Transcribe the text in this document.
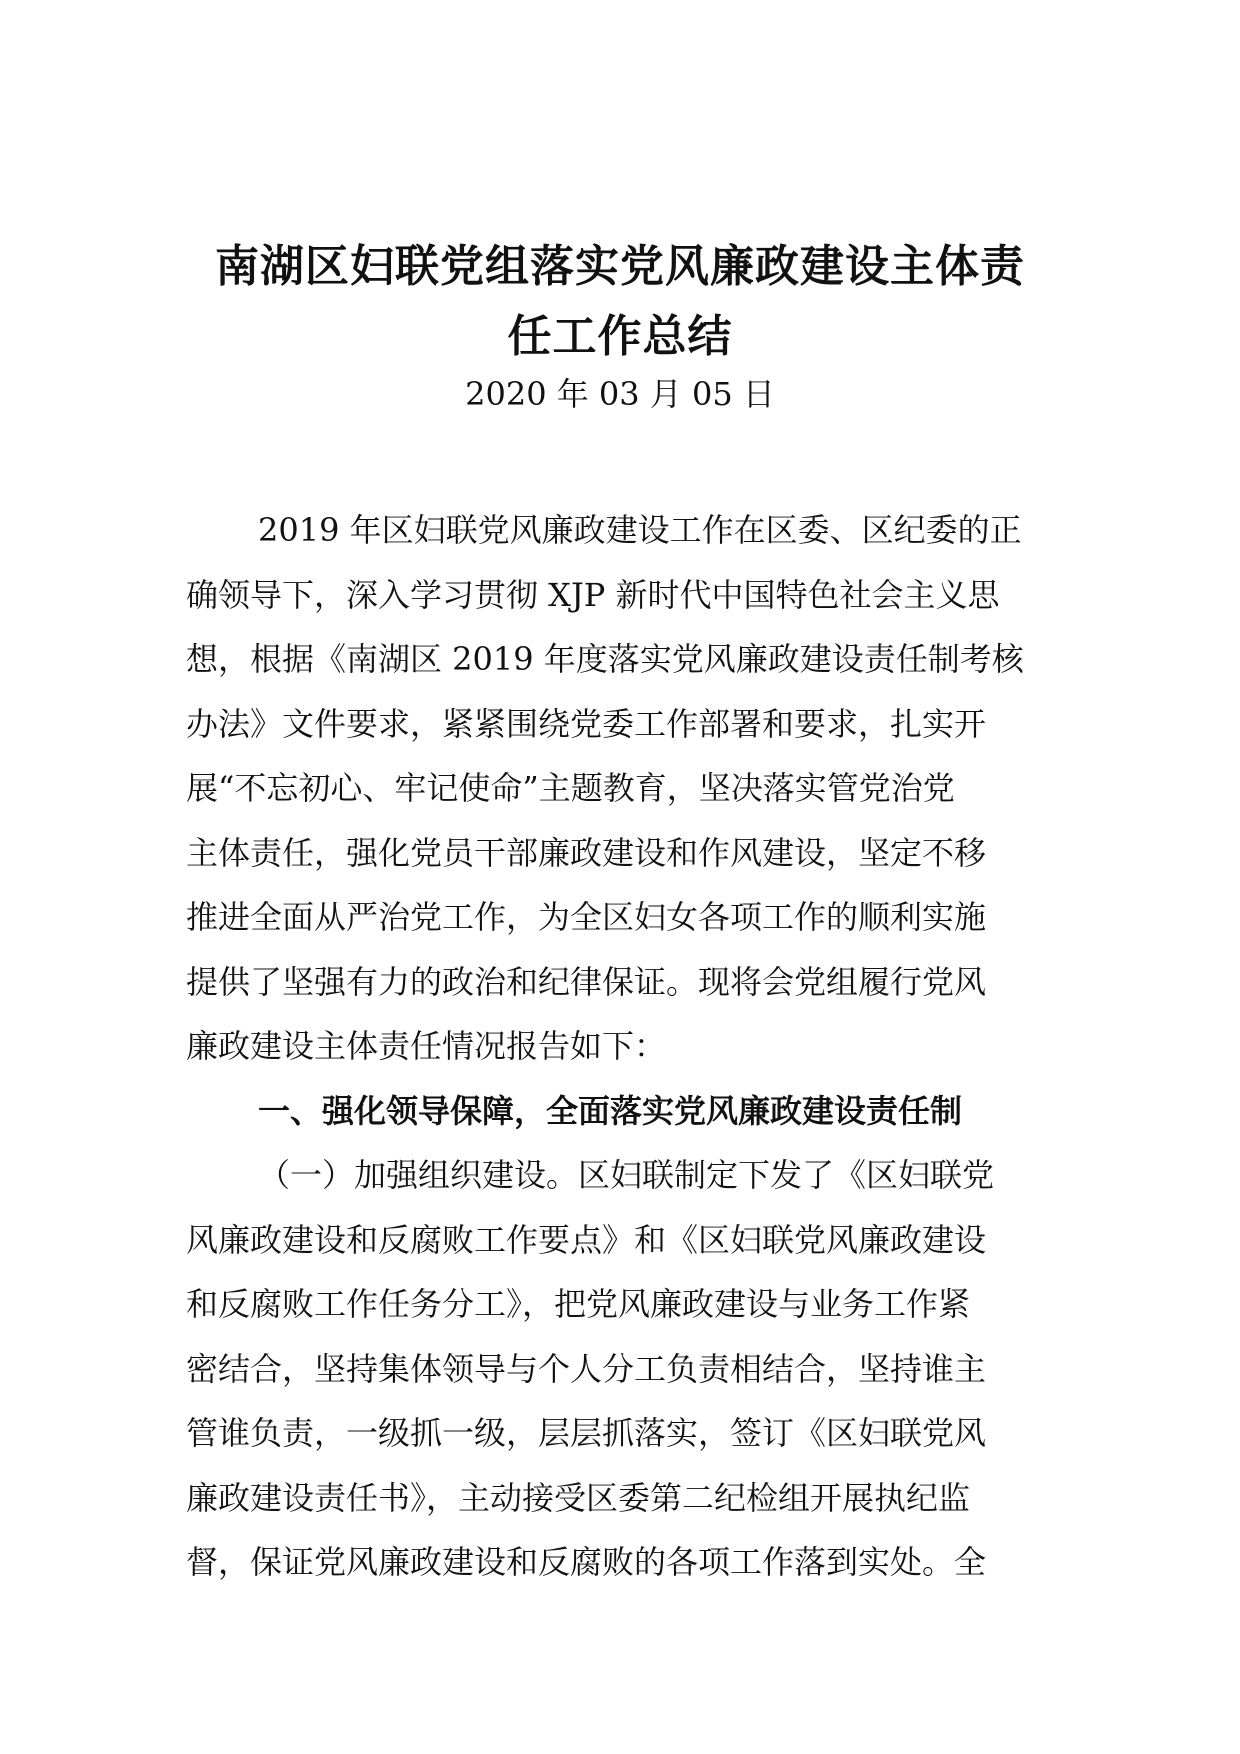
南湖区妇联党组落实党风廉政建设主体责
任工作总结
2020 年 03 月 05 日
2019 年区妇联党风廉政建设工作在区委、区纪委的正
确领导下，深入学习贯彻 XJP 新时代中国特色社会主义思
想，根据《南湖区 2019 年度落实党风廉政建设责任制考核
办法》文件要求，紧紧围绕党委工作部署和要求，扎实开
展“不忘初心、牢记使命”主题教育，坚决落实管党治党
主体责任，强化党员干部廉政建设和作风建设，坚定不移
推进全面从严治党工作，为全区妇女各项工作的顺利实施
提供了坚强有力的政治和纪律保证。现将会党组履行党风
廉政建设主体责任情况报告如下：
一、强化领导保障，全面落实党风廉政建设责任制
（一）加强组织建设。区妇联制定下发了《区妇联党
风廉政建设和反腐败工作要点》和《区妇联党风廉政建设
和反腐败工作任务分工》，把党风廉政建设与业务工作紧
密结合，坚持集体领导与个人分工负责相结合，坚持谁主
管谁负责，一级抓一级，层层抓落实，签订《区妇联党风
廉政建设责任书》，主动接受区委第二纪检组开展执纪监
督，保证党风廉政建设和反腐败的各项工作落到实处。全
